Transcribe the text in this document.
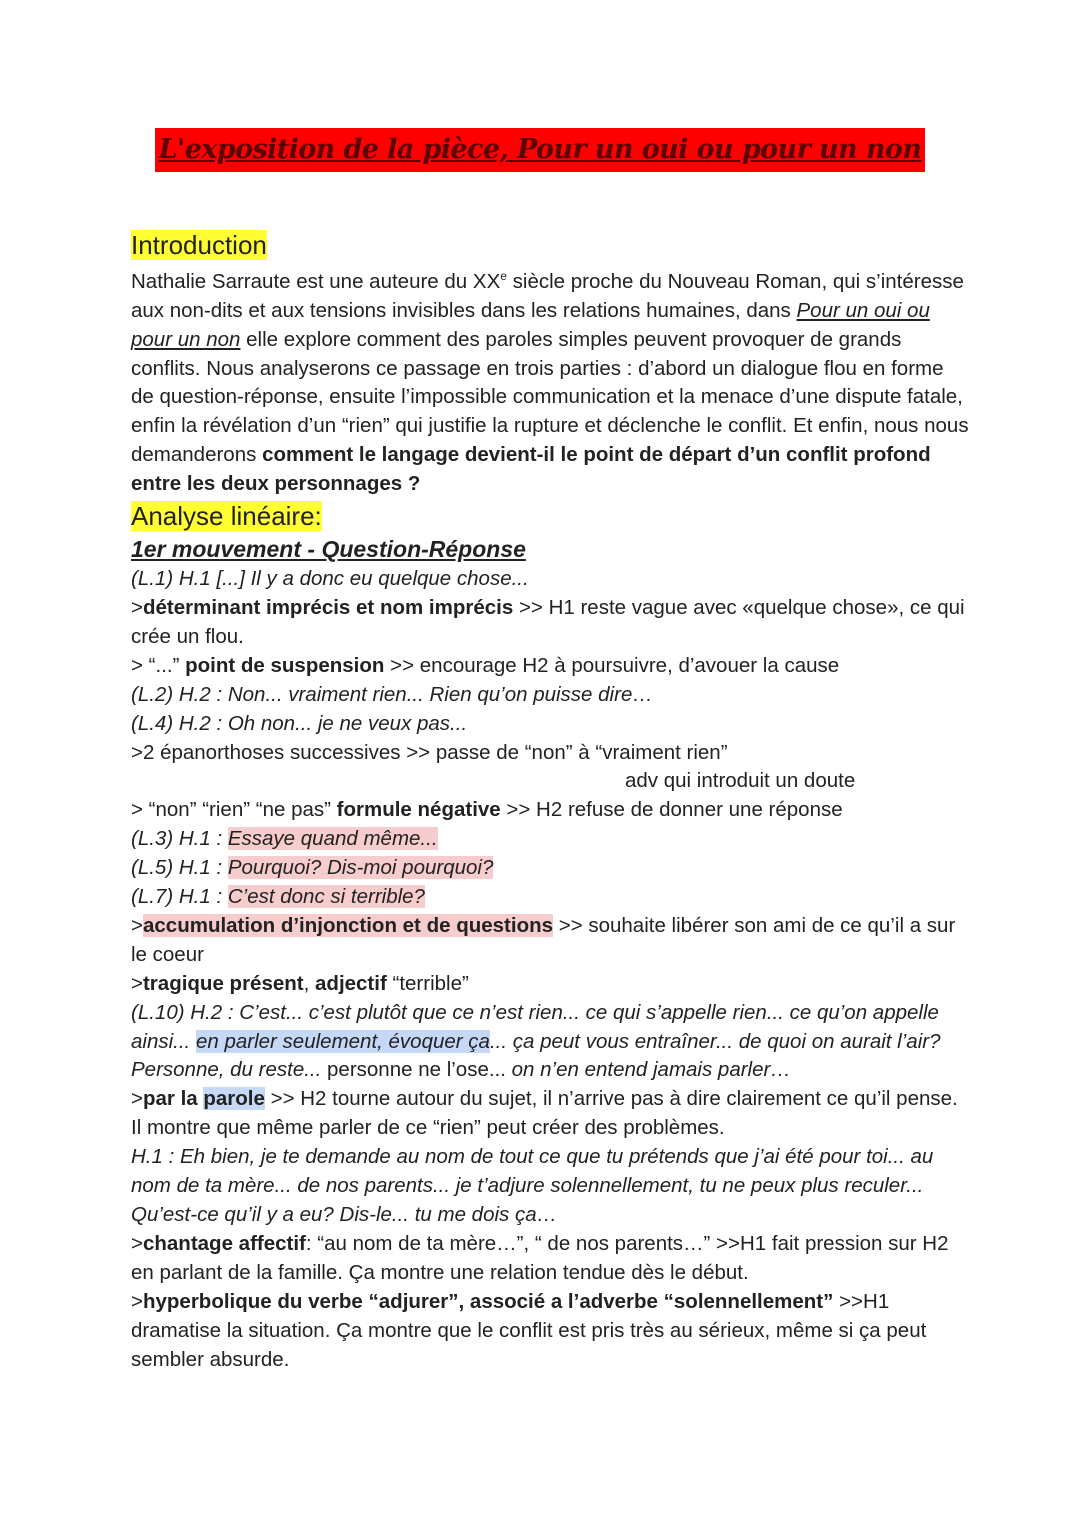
L'exposition de la pièce, Pour un oui ou pour un non

Introduction

Nathalie Sarraute est une auteure du XXe siècle proche du Nouveau Roman, qui s’intéresse aux non-dits et aux tensions invisibles dans les relations humaines, dans Pour un oui ou pour un non elle explore comment des paroles simples peuvent provoquer de grands conflits. Nous analyserons ce passage en trois parties : d’abord un dialogue flou en forme de question-réponse, ensuite l’impossible communication et la menace d’une dispute fatale, enfin la révélation d’un “rien” qui justifie la rupture et déclenche le conflit. Et enfin, nous nous demanderons comment le langage devient-il le point de départ d’un conflit profond entre les deux personnages ?

Analyse linéaire:

1er mouvement - Question-Réponse

(L.1) H.1 [...] Il y a donc eu quelque chose...

>déterminant imprécis et nom imprécis >> H1 reste vague avec «quelque chose», ce qui crée un flou.

> “...” point de suspension >> encourage H2 à poursuivre, d’avouer la cause

(L.2) H.2 : Non... vraiment rien... Rien qu’on puisse dire…

(L.4) H.2 : Oh non... je ne veux pas...

>2 épanorthoses successives >> passe de “non” à “vraiment rien”

adv qui introduit un doute

> “non” “rien” “ne pas” formule négative >> H2 refuse de donner une réponse

(L.3) H.1 : Essaye quand même...

(L.5) H.1 : Pourquoi? Dis-moi pourquoi?

(L.7) H.1 : C’est donc si terrible?

>accumulation d’injonction et de questions >> souhaite libérer son ami de ce qu’il a sur le coeur

>tragique présent, adjectif “terrible”

(L.10) H.2 : C’est... c’est plutôt que ce n’est rien... ce qui s’appelle rien... ce qu’on appelle ainsi... en parler seulement, évoquer ça... ça peut vous entraîner... de quoi on aurait l’air? Personne, du reste... personne ne l’ose... on n’en entend jamais parler…

>par la parole >> H2 tourne autour du sujet, il n’arrive pas à dire clairement ce qu’il pense. Il montre que même parler de ce “rien” peut créer des problèmes.

H.1 : Eh bien, je te demande au nom de tout ce que tu prétends que j’ai été pour toi... au nom de ta mère... de nos parents... je t’adjure solennellement, tu ne peux plus reculer... Qu’est-ce qu’il y a eu? Dis-le... tu me dois ça…

>chantage affectif: “au nom de ta mère…”, “ de nos parents…” >>H1 fait pression sur H2 en parlant de la famille. Ça montre une relation tendue dès le début.

>hyperbolique du verbe “adjurer”, associé a l’adverbe “solennellement” >>H1 dramatise la situation. Ça montre que le conflit est pris très au sérieux, même si ça peut sembler absurde.
